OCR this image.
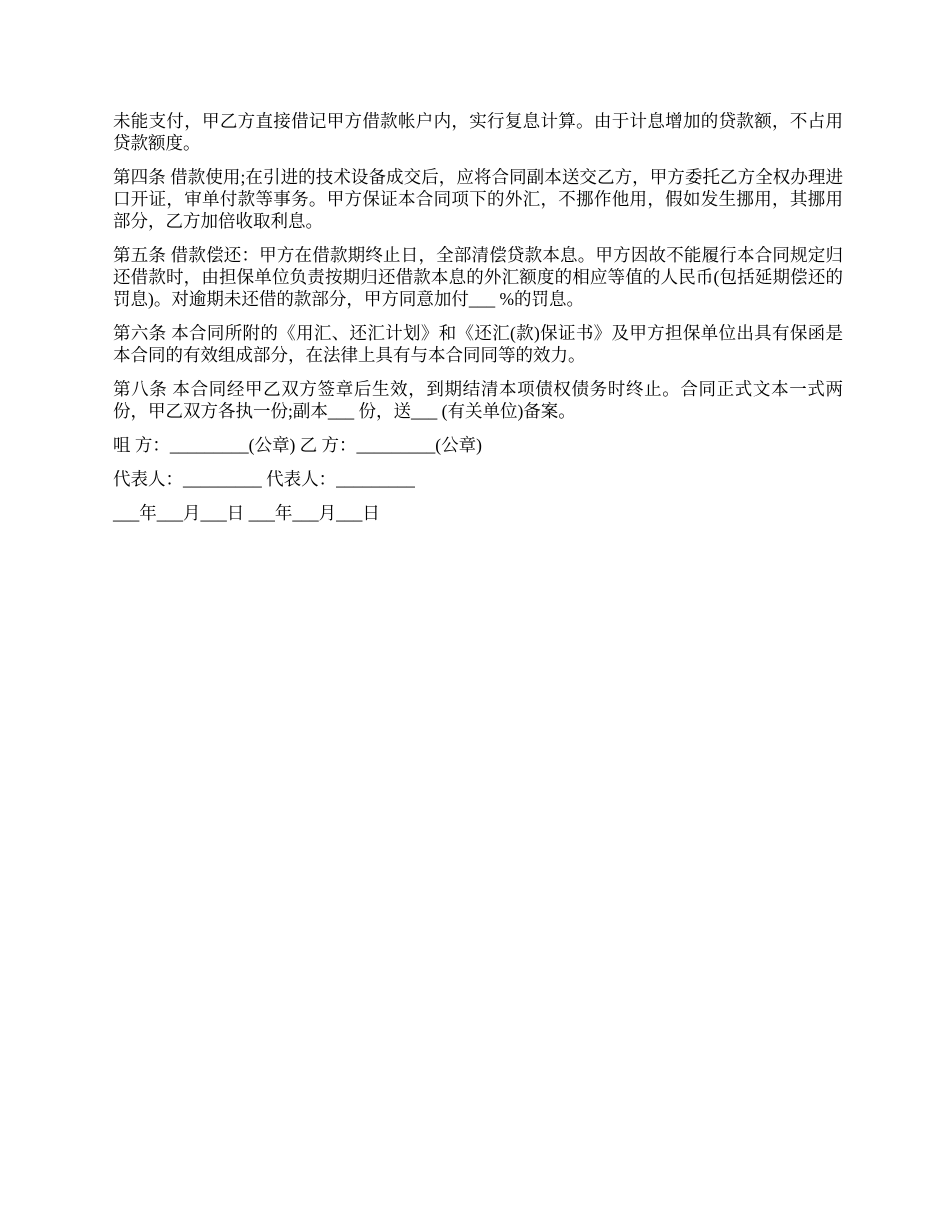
未能支付，甲乙方直接借记甲方借款帐户内，实行复息计算。由于计息增加的贷款额，不占用贷款额度。

第四条 借款使用;在引进的技术设备成交后，应将合同副本送交乙方，甲方委托乙方全权办理进口开证，审单付款等事务。甲方保证本合同项下的外汇，不挪作他用，假如发生挪用，其挪用部分，乙方加倍收取利息。

第五条 借款偿还：甲方在借款期终止日，全部清偿贷款本息。甲方因故不能履行本合同规定归还借款时，由担保单位负责按期归还借款本息的外汇额度的相应等值的人民币(包括延期偿还的罚息)。对逾期未还借的款部分，甲方同意加付___ %的罚息。

第六条 本合同所附的《用汇、还汇计划》和《还汇(款)保证书》及甲方担保单位出具有保函是本合同的有效组成部分，在法律上具有与本合同同等的效力。

第八条 本合同经甲乙双方签章后生效，到期结清本项债权债务时终止。合同正式文本一式两份，甲乙双方各执一份;副本___ 份，送___ (有关单位)备案。

咀 方：_________(公章) 乙 方：_________(公章)

代表人：_________ 代表人：_________

___年___月___日 ___年___月___日
